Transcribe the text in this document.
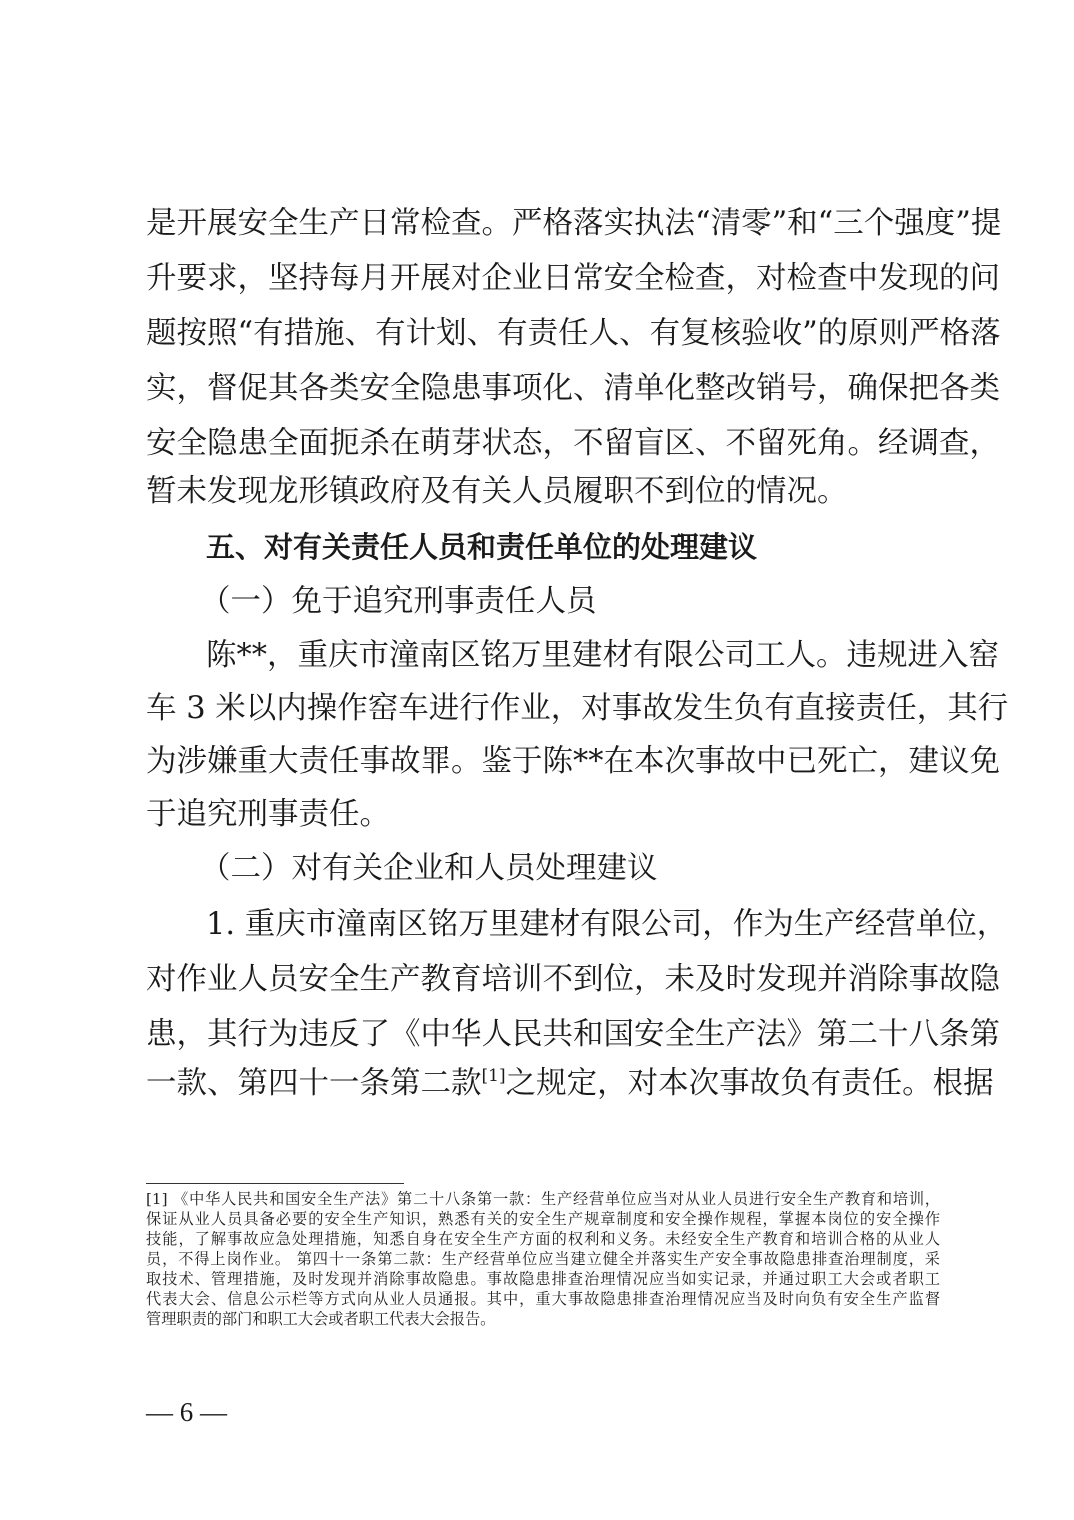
是开展安全生产日常检查。严格落实执法“清零”和“三个强度”提
升要求，坚持每月开展对企业日常安全检查，对检查中发现的问
题按照“有措施、有计划、有责任人、有复核验收”的原则严格落
实，督促其各类安全隐患事项化、清单化整改销号，确保把各类
安全隐患全面扼杀在萌芽状态，不留盲区、不留死角。经调查，
暂未发现龙形镇政府及有关人员履职不到位的情况。
五、对有关责任人员和责任单位的处理建议
（一）免于追究刑事责任人员
陈**，重庆市潼南区铭万里建材有限公司工人。违规进入窑
车 3 米以内操作窑车进行作业，对事故发生负有直接责任，其行
为涉嫌重大责任事故罪。鉴于陈**在本次事故中已死亡，建议免
于追究刑事责任。
（二）对有关企业和人员处理建议
1. 重庆市潼南区铭万里建材有限公司，作为生产经营单位，
对作业人员安全生产教育培训不到位，未及时发现并消除事故隐
患，其行为违反了《中华人民共和国安全生产法》第二十八条第
一款、第四十一条第二款[1]之规定，对本次事故负有责任。根据
[1] 《中华人民共和国安全生产法》第二十八条第一款：生产经营单位应当对从业人员进行安全生产教育和培训，
保证从业人员具备必要的安全生产知识，熟悉有关的安全生产规章制度和安全操作规程，掌握本岗位的安全操作
技能，了解事故应急处理措施，知悉自身在安全生产方面的权利和义务。未经安全生产教育和培训合格的从业人
员，不得上岗作业。 第四十一条第二款：生产经营单位应当建立健全并落实生产安全事故隐患排查治理制度，采
取技术、管理措施，及时发现并消除事故隐患。事故隐患排查治理情况应当如实记录，并通过职工大会或者职工
代表大会、信息公示栏等方式向从业人员通报。其中，重大事故隐患排查治理情况应当及时向负有安全生产监督
管理职责的部门和职工大会或者职工代表大会报告。
— 6 —
